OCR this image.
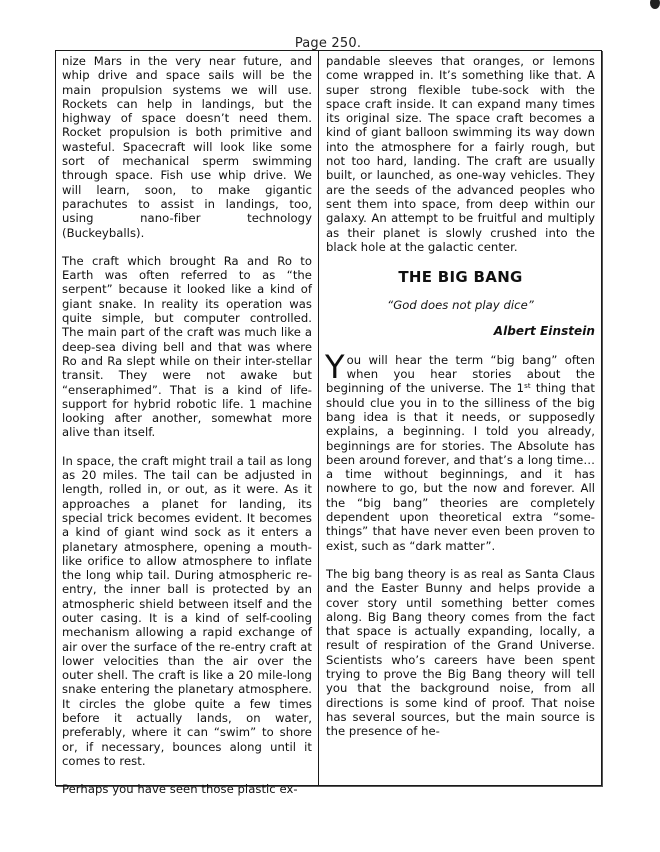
Page 250.

nize Mars in the very near future, and whip drive and space sails will be the main propulsion systems we will use. Rockets can help in landings, but the highway of space doesn’t need them. Rocket propulsion is both primitive and wasteful. Spacecraft will look like some sort of mechanical sperm swimming through space. Fish use whip drive. We will learn, soon, to make gigantic parachutes to assist in landings, too, using nano-fiber technology (Buckeyballs).

The craft which brought Ra and Ro to Earth was often referred to as “the serpent” because it looked like a kind of giant snake. In reality its operation was quite simple, but computer controlled. The main part of the craft was much like a deep-sea diving bell and that was where Ro and Ra slept while on their inter-stellar transit. They were not awake but “enseraphimed”. That is a kind of life-support for hybrid robotic life. 1 machine looking after another, somewhat more alive than itself.

In space, the craft might trail a tail as long as 20 miles. The tail can be adjusted in length, rolled in, or out, as it were. As it approaches a planet for landing, its special trick becomes evident. It becomes a kind of giant wind sock as it enters a planetary atmosphere, opening a mouth-like orifice to allow atmosphere to inflate the long whip tail. During atmospheric re-entry, the inner ball is protected by an atmospheric shield between itself and the outer casing. It is a kind of self-cooling mechanism allowing a rapid exchange of air over the surface of the re-entry craft at lower velocities than the air over the outer shell. The craft is like a 20 mile-long snake entering the planetary atmosphere. It circles the globe quite a few times before it actually lands, on water, preferably, where it can “swim” to shore or, if necessary, bounces along until it comes to rest.

Perhaps you have seen those plastic ex-

pandable sleeves that oranges, or lemons come wrapped in. It’s something like that. A super strong flexible tube-sock with the space craft inside. It can expand many times its original size. The space craft becomes a kind of giant balloon swimming its way down into the atmosphere for a fairly rough, but not too hard, landing. The craft are usually built, or launched, as one-way vehicles. They are the seeds of the advanced peoples who sent them into space, from deep within our galaxy. An attempt to be fruitful and multiply as their planet is slowly crushed into the black hole at the galactic center.

THE BIG BANG

“God does not play dice”

Albert Einstein

You will hear the term “big bang” often when you hear stories about the beginning of the universe. The 1st thing that should clue you in to the silliness of the big bang idea is that it needs, or supposedly explains, a beginning. I told you already, beginnings are for stories. The Absolute has been around forever, and that’s a long time… a time without beginnings, and it has nowhere to go, but the now and forever. All the “big bang” theories are completely dependent upon theoretical extra “some-things” that have never even been proven to exist, such as “dark matter”.

The big bang theory is as real as Santa Claus and the Easter Bunny and helps provide a cover story until something better comes along. Big Bang theory comes from the fact that space is actually expanding, locally, a result of respiration of the Grand Universe. Scientists who’s careers have been spent trying to prove the Big Bang theory will tell you that the background noise, from all directions is some kind of proof. That noise has several sources, but the main source is the presence of he-
